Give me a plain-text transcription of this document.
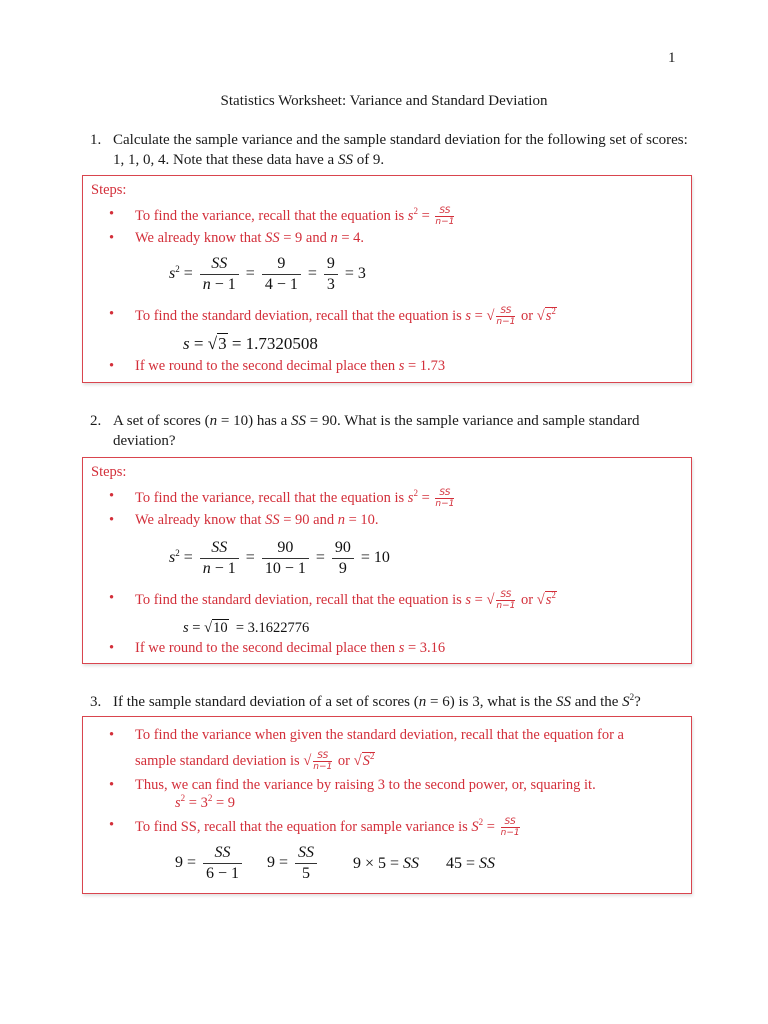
1
Statistics Worksheet: Variance and Standard Deviation
1. Calculate the sample variance and the sample standard deviation for the following set of scores: 1, 1, 0, 4. Note that these data have a SS of 9.
Steps:
• To find the variance, recall that the equation is $s^2 = \frac{SS}{n-1}$
• We already know that SS = 9 and n = 4.
$s^2 = \frac{SS}{n - 1} = \frac{9}{4 - 1} = \frac{9}{3} = 3$
• To find the standard deviation, recall that the equation is s = √ $\frac{SS}{n-1}$ or $√s^2$
s = √3 = 1.7320508
• If we round to the second decimal place then s = 1.73
2. A set of scores (n = 10) has a SS = 90. What is the sample variance and sample standard deviation?
Steps:
• To find the variance, recall that the equation is $s^2 = \frac{SS}{n-1}$
• We already know that SS = 90 and n = 10.
$s^2 = \frac{SS}{n - 1} = \frac{90}{10 - 1} = \frac{90}{9} = 10$
• To find the standard deviation, recall that the equation is s = √ $\frac{SS}{n-1}$ or $√s^2$
s = √10  = 3.1622776
• If we round to the second decimal place then s = 3.16
3. If the sample standard deviation of a set of scores (n = 6) is 3, what is the SS and the $S^2$?
• To find the variance when given the standard deviation, recall that the equation for a
sample standard deviation is √ $\frac{SS}{n-1}$ or $√S^2$
• Thus, we can find the variance by raising 3 to the second power, or, squaring it.
$s^2 = 3^2 = 9$
• To find SS, recall that the equation for sample variance is $S^2 = \frac{SS}{n-1}$
$9 = \frac{SS}{6 - 1} 9 = \frac{SS}{5} 9 \times 5$ = SS 45 = SS
